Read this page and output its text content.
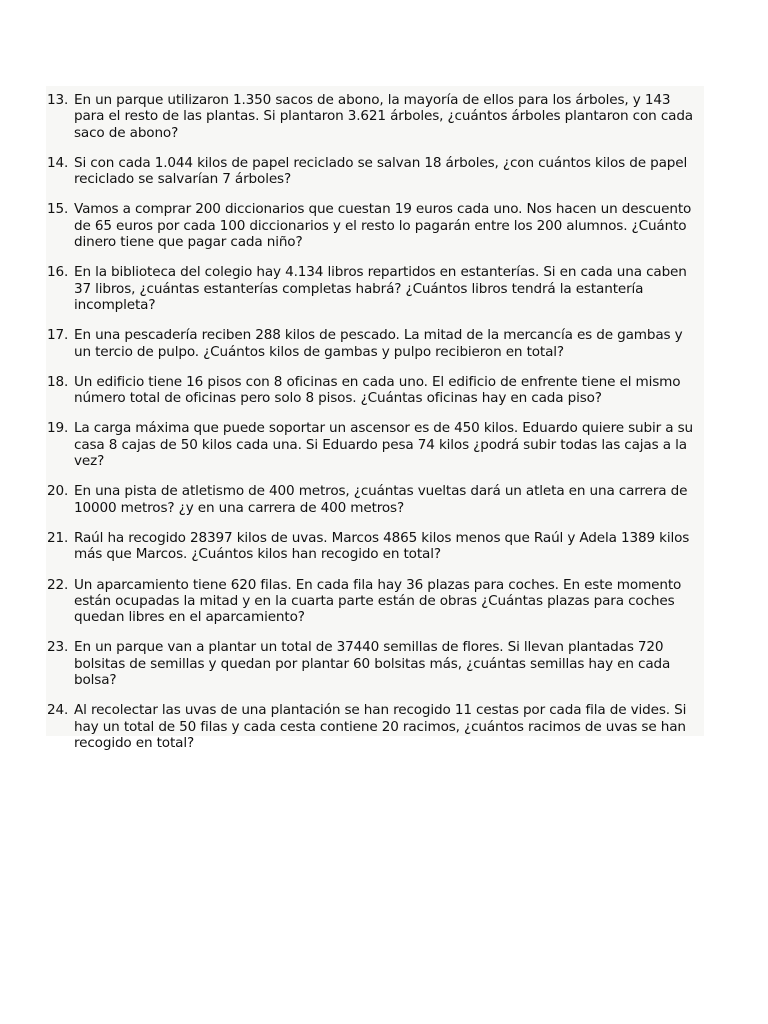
13. En un parque utilizaron 1.350 sacos de abono, la mayoría de ellos para los árboles, y 143 para el resto de las plantas. Si plantaron 3.621 árboles, ¿cuántos árboles plantaron con cada saco de abono?
14. Si con cada 1.044 kilos de papel reciclado se salvan 18 árboles, ¿con cuántos kilos de papel reciclado se salvarían 7 árboles?
15. Vamos a comprar 200 diccionarios que cuestan 19 euros cada uno. Nos hacen un descuento de 65 euros por cada 100 diccionarios y el resto lo pagarán entre los 200 alumnos. ¿Cuánto dinero tiene que pagar cada niño?
16. En la biblioteca del colegio hay 4.134 libros repartidos en estanterías. Si en cada una caben 37 libros, ¿cuántas estanterías completas habrá? ¿Cuántos libros tendrá la estantería incompleta?
17. En una pescadería reciben 288 kilos de pescado. La mitad de la mercancía es de gambas y un tercio de pulpo. ¿Cuántos kilos de gambas y pulpo recibieron en total?
18. Un edificio tiene 16 pisos con 8 oficinas en cada uno. El edificio de enfrente tiene el mismo número total de oficinas pero solo 8 pisos. ¿Cuántas oficinas hay en cada piso?
19. La carga máxima que puede soportar un ascensor es de 450 kilos. Eduardo quiere subir a su casa 8 cajas de 50 kilos cada una. Si Eduardo pesa 74 kilos ¿podrá subir todas las cajas a la vez?
20. En una pista de atletismo de 400 metros, ¿cuántas vueltas dará un atleta en una carrera de 10000 metros? ¿y en una carrera de 400 metros?
21. Raúl ha recogido 28397 kilos de uvas. Marcos 4865 kilos menos que Raúl y Adela 1389 kilos más que Marcos. ¿Cuántos kilos han recogido en total?
22. Un aparcamiento tiene 620 filas. En cada fila hay 36 plazas para coches. En este momento están ocupadas la mitad y en la cuarta parte están de obras ¿Cuántas plazas para coches quedan libres en el aparcamiento?
23. En un parque van a plantar un total de 37440 semillas de flores. Si llevan plantadas 720 bolsitas de semillas y quedan por plantar 60 bolsitas más, ¿cuántas semillas hay en cada bolsa?
24. Al recolectar las uvas de una plantación se han recogido 11 cestas por cada fila de vides. Si hay un total de 50 filas y cada cesta contiene 20 racimos, ¿cuántos racimos de uvas se han recogido en total?
